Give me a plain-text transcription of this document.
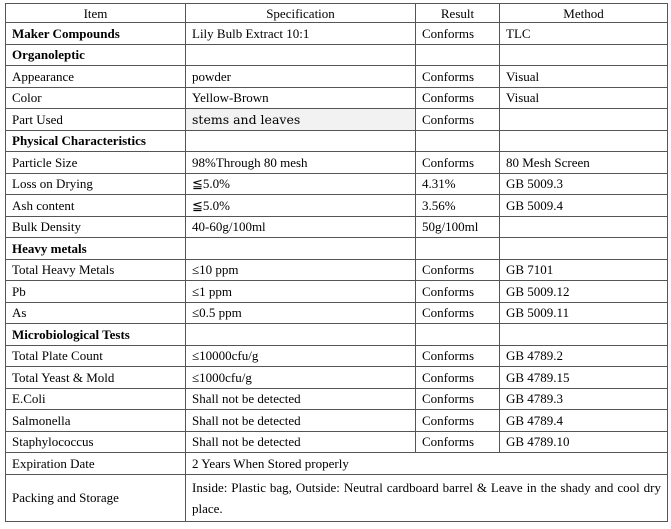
Item	Specification	Result	Method
Maker Compounds	Lily Bulb Extract 10:1	Conforms	TLC
Organoleptic			
Appearance	powder	Conforms	Visual
Color	Yellow-Brown	Conforms	Visual
Part Used	stems and leaves	Conforms	
Physical Characteristics			
Particle Size	98%Through 80 mesh	Conforms	80 Mesh Screen
Loss on Drying	≦5.0%	4.31%	GB 5009.3
Ash content	≦5.0%	3.56%	GB 5009.4
Bulk Density	40-60g/100ml	50g/100ml	
Heavy metals			
Total Heavy Metals	≤10 ppm	Conforms	GB 7101
Pb	≤1 ppm	Conforms	GB 5009.12
As	≤0.5 ppm	Conforms	GB 5009.11
Microbiological Tests			
Total Plate Count	≤10000cfu/g	Conforms	GB 4789.2
Total Yeast & Mold	≤1000cfu/g	Conforms	GB 4789.15
E.Coli	Shall not be detected	Conforms	GB 4789.3
Salmonella	Shall not be detected	Conforms	GB 4789.4
Staphylococcus	Shall not be detected	Conforms	GB 4789.10
Expiration Date	2 Years When Stored properly		
Packing and Storage	Inside: Plastic bag, Outside: Neutral cardboard barrel & Leave in the shady and cool dry place.		
